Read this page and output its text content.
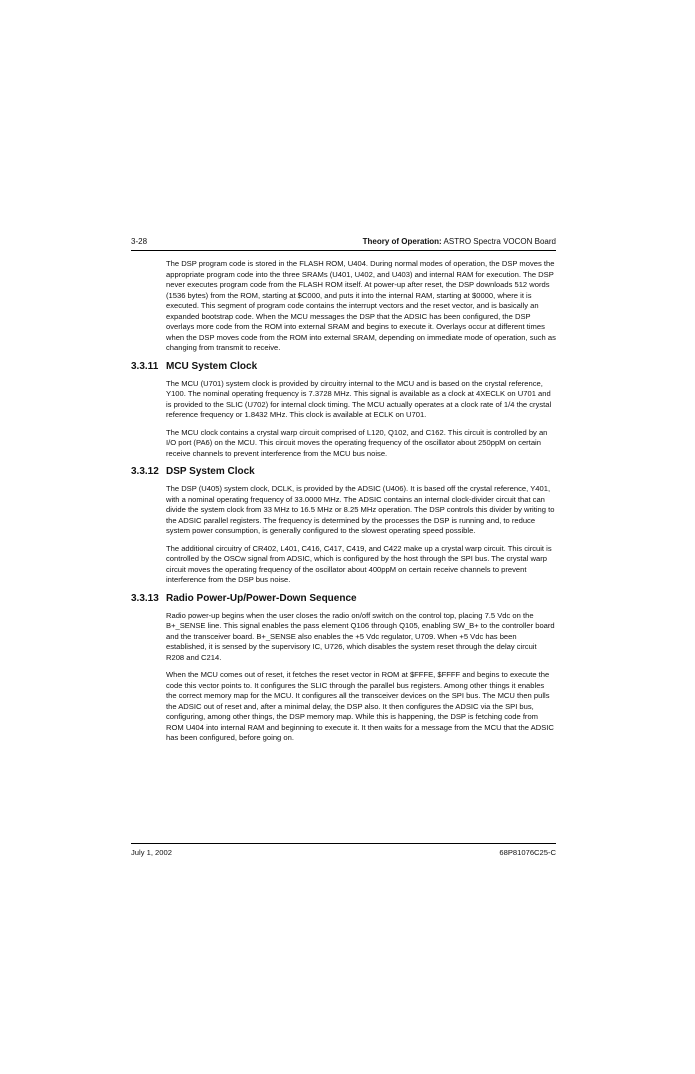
3-28	Theory of Operation: ASTRO Spectra VOCON Board

The DSP program code is stored in the FLASH ROM, U404. During normal modes of operation, the DSP moves the appropriate program code into the three SRAMs (U401, U402, and U403) and internal RAM for execution. The DSP never executes program code from the FLASH ROM itself. At power-up after reset, the DSP downloads 512 words (1536 bytes) from the ROM, starting at $C000, and puts it into the internal RAM, starting at $0000, where it is executed. This segment of program code contains the interrupt vectors and the reset vector, and is basically an expanded bootstrap code. When the MCU messages the DSP that the ADSIC has been configured, the DSP overlays more code from the ROM into external SRAM and begins to execute it. Overlays occur at different times when the DSP moves code from the ROM into external SRAM, depending on immediate mode of operation, such as changing from transmit to receive.

3.3.11 MCU System Clock

The MCU (U701) system clock is provided by circuitry internal to the MCU and is based on the crystal reference, Y100. The nominal operating frequency is 7.3728 MHz. This signal is available as a clock at 4XECLK on U701 and is provided to the SLIC (U702) for internal clock timing. The MCU actually operates at a clock rate of 1/4 the crystal reference frequency or 1.8432 MHz. This clock is available at ECLK on U701.

The MCU clock contains a crystal warp circuit comprised of L120, Q102, and C162. This circuit is controlled by an I/O port (PA6) on the MCU. This circuit moves the operating frequency of the oscillator about 250ppM on certain receive channels to prevent interference from the MCU bus noise.

3.3.12 DSP System Clock

The DSP (U405) system clock, DCLK, is provided by the ADSIC (U406). It is based off the crystal reference, Y401, with a nominal operating frequency of 33.0000 MHz. The ADSIC contains an internal clock-divider circuit that can divide the system clock from 33 MHz to 16.5 MHz or 8.25 MHz operation. The DSP controls this divider by writing to the ADSIC parallel registers. The frequency is determined by the processes the DSP is running and, to reduce system power consumption, is generally configured to the slowest operating speed possible.

The additional circuitry of CR402, L401, C416, C417, C419, and C422 make up a crystal warp circuit. This circuit is controlled by the OSCw signal from ADSIC, which is configured by the host through the SPI bus. The crystal warp circuit moves the operating frequency of the oscillator about 400ppM on certain receive channels to prevent interference from the DSP bus noise.

3.3.13 Radio Power-Up/Power-Down Sequence

Radio power-up begins when the user closes the radio on/off switch on the control top, placing 7.5 Vdc on the B+_SENSE line. This signal enables the pass element Q106 through Q105, enabling SW_B+ to the controller board and the transceiver board. B+_SENSE also enables the +5 Vdc regulator, U709. When +5 Vdc has been established, it is sensed by the supervisory IC, U726, which disables the system reset through the delay circuit R208 and C214.

When the MCU comes out of reset, it fetches the reset vector in ROM at $FFFE, $FFFF and begins to execute the code this vector points to. It configures the SLIC through the parallel bus registers. Among other things it enables the correct memory map for the MCU. It configures all the transceiver devices on the SPI bus. The MCU then pulls the ADSIC out of reset and, after a minimal delay, the DSP also. It then configures the ADSIC via the SPI bus, configuring, among other things, the DSP memory map. While this is happening, the DSP is fetching code from ROM U404 into internal RAM and beginning to execute it. It then waits for a message from the MCU that the ADSIC has been configured, before going on.

July 1, 2002	68P81076C25-C
